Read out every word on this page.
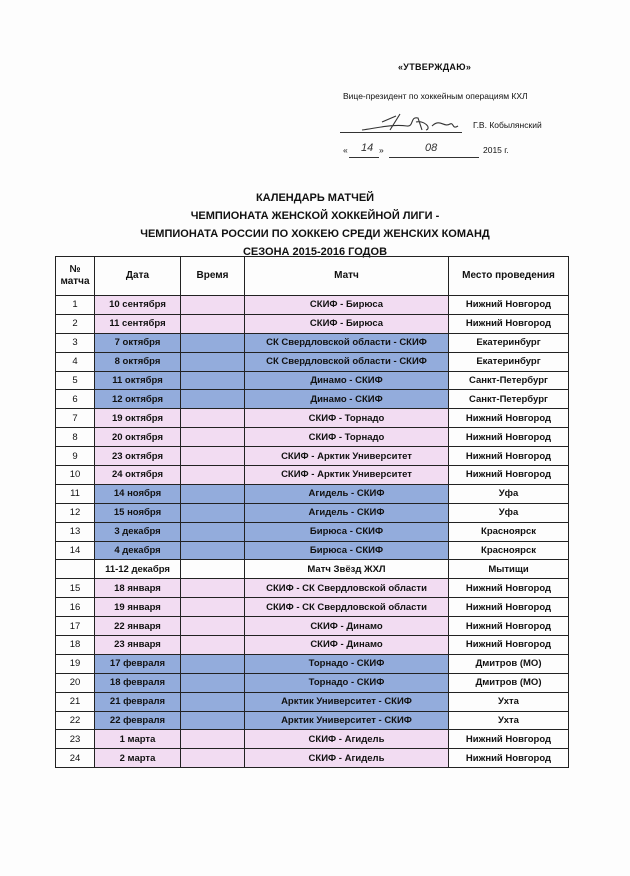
«УТВЕРЖДАЮ»
Вице-президент по хоккейным операциям КХЛ
Г.В. Кобылянский
« 14 »	08	2015 г.
КАЛЕНДАРЬ МАТЧЕЙ
ЧЕМПИОНАТА ЖЕНСКОЙ ХОККЕЙНОЙ ЛИГИ -
ЧЕМПИОНАТА РОССИИ ПО ХОККЕЮ СРЕДИ ЖЕНСКИХ КОМАНД
СЕЗОНА 2015-2016 ГОДОВ
№ матча	Дата	Время	Матч	Место проведения
1	10 сентября		СКИФ - Бирюса	Нижний Новгород
2	11 сентября		СКИФ - Бирюса	Нижний Новгород
3	7 октября		СК Свердловской области - СКИФ	Екатеринбург
4	8 октября		СК Свердловской области - СКИФ	Екатеринбург
5	11 октября		Динамо - СКИФ	Санкт-Петербург
6	12 октября		Динамо - СКИФ	Санкт-Петербург
7	19 октября		СКИФ - Торнадо	Нижний Новгород
8	20 октября		СКИФ - Торнадо	Нижний Новгород
9	23 октября		СКИФ - Арктик Университет	Нижний Новгород
10	24 октября		СКИФ - Арктик Университет	Нижний Новгород
11	14 ноября		Агидель - СКИФ	Уфа
12	15 ноября		Агидель - СКИФ	Уфа
13	3 декабря		Бирюса - СКИФ	Красноярск
14	4 декабря		Бирюса - СКИФ	Красноярск
	11-12 декабря		Матч Звёзд ЖХЛ	Мытищи
15	18 января		СКИФ - СК Свердловской области	Нижний Новгород
16	19 января		СКИФ - СК Свердловской области	Нижний Новгород
17	22 января		СКИФ - Динамо	Нижний Новгород
18	23 января		СКИФ - Динамо	Нижний Новгород
19	17 февраля		Торнадо - СКИФ	Дмитров (МО)
20	18 февраля		Торнадо - СКИФ	Дмитров (МО)
21	21 февраля		Арктик Университет - СКИФ	Ухта
22	22 февраля		Арктик Университет - СКИФ	Ухта
23	1 марта		СКИФ - Агидель	Нижний Новгород
24	2 марта		СКИФ - Агидель	Нижний Новгород
